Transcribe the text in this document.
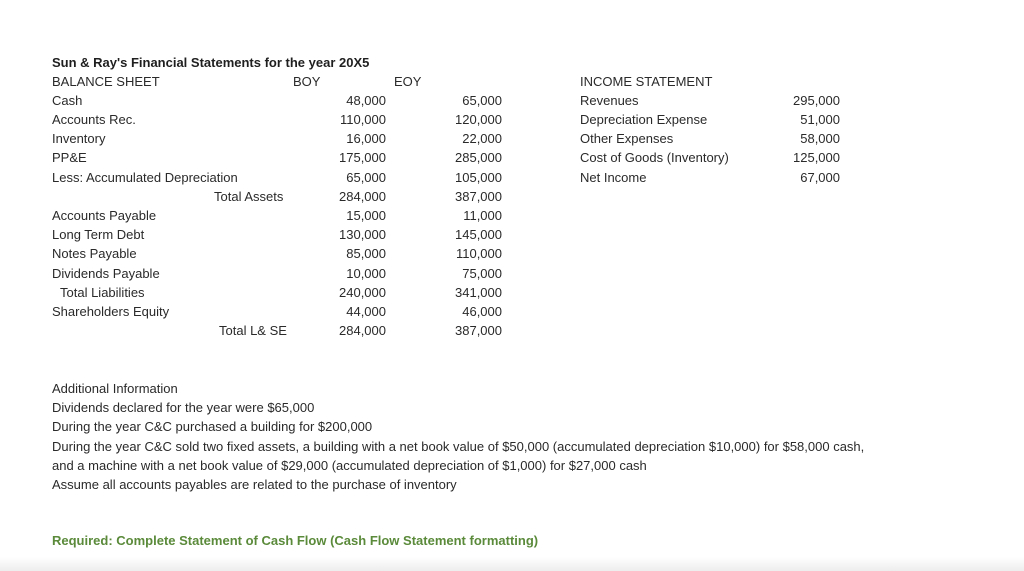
Sun & Ray's Financial Statements for the year 20X5
BALANCE SHEET	BOY	EOY
Cash	48,000	65,000
Accounts Rec.	110,000	120,000
Inventory	16,000	22,000
PP&E	175,000	285,000
Less: Accumulated Depreciation	65,000	105,000
Total Assets	284,000	387,000
Accounts Payable	15,000	11,000
Long Term Debt	130,000	145,000
Notes Payable	85,000	110,000
Dividends Payable	10,000	75,000
Total Liabilities	240,000	341,000
Shareholders Equity	44,000	46,000
Total L& SE	284,000	387,000
INCOME STATEMENT
Revenues	295,000
Depreciation Expense	51,000
Other Expenses	58,000
Cost of Goods (Inventory)	125,000
Net Income	67,000
Additional Information
Dividends declared for the year were $65,000
During the year C&C purchased a building for $200,000
During the year C&C sold two fixed assets, a building with a net book value of $50,000 (accumulated depreciation $10,000) for $58,000 cash,
and a machine with a net book value of $29,000 (accumulated depreciation of $1,000) for $27,000 cash
Assume all accounts payables are related to the purchase of inventory
Required: Complete Statement of Cash Flow (Cash Flow Statement formatting)
